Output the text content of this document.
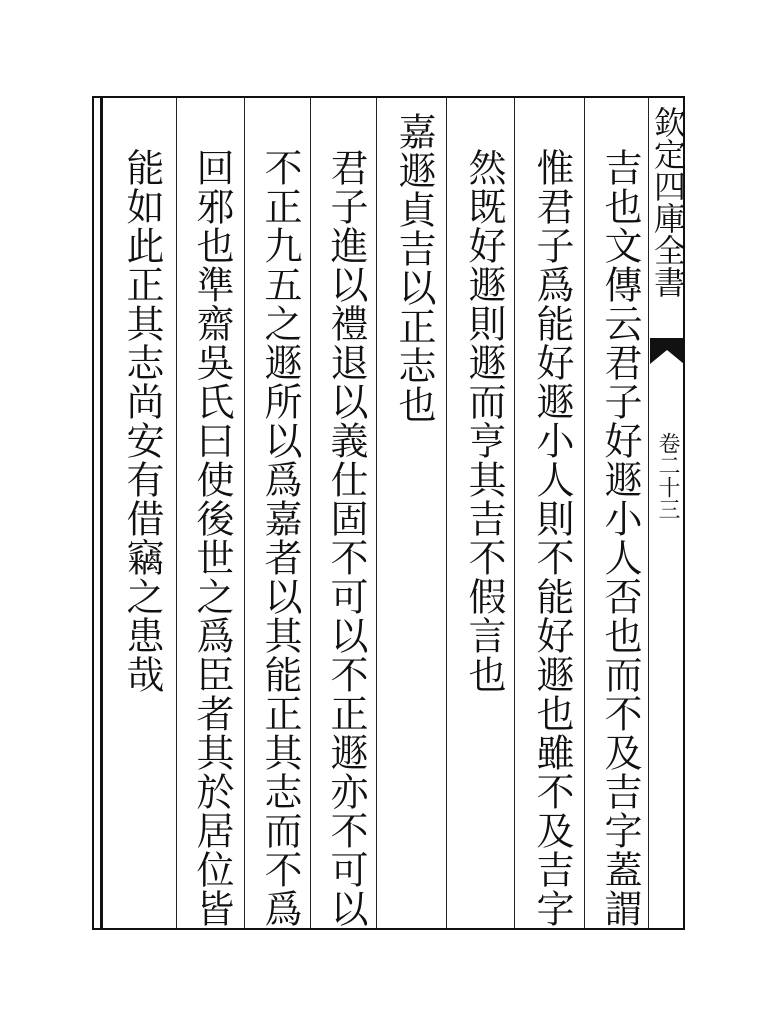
欽定四庫全書
卷二十三
吉也文傳云君子好遯小人否也而不及吉字蓋謂
惟君子爲能好遯小人則不能好遯也雖不及吉字
然既好遯則遯而亨其吉不假言也
嘉遯貞吉以正志也
君子進以禮退以義仕固不可以不正遯亦不可以
不正九五之遯所以爲嘉者以其能正其志而不爲
回邪也準齋吳氏曰使後世之爲臣者其於居位皆
能如此正其志尚安有借竊之患哉
